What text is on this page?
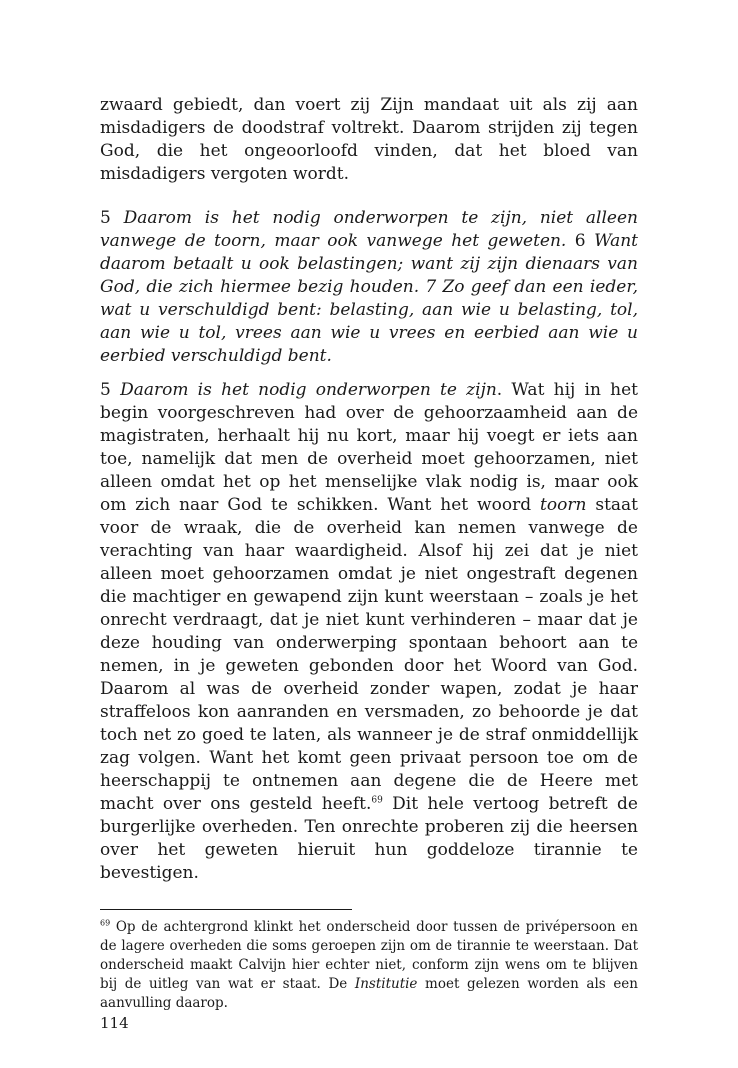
zwaard gebiedt, dan voert zij Zijn mandaat uit als zij aan misdadigers de doodstraf voltrekt. Daarom strijden zij tegen God, die het ongeoorloofd vinden, dat het bloed van misdadigers vergoten wordt.

5 Daarom is het nodig onderworpen te zijn, niet alleen vanwege de toorn, maar ook vanwege het geweten. 6 Want daarom betaalt u ook belastingen; want zij zijn dienaars van God, die zich hiermee bezig houden. 7 Zo geef dan een ieder, wat u verschuldigd bent: belasting, aan wie u belasting, tol, aan wie u tol, vrees aan wie u vrees en eerbied aan wie u eerbied verschuldigd bent.

5 Daarom is het nodig onderworpen te zijn. Wat hij in het begin voorgeschreven had over de gehoorzaamheid aan de magistraten, herhaalt hij nu kort, maar hij voegt er iets aan toe, namelijk dat men de overheid moet gehoorzamen, niet alleen omdat het op het menselijke vlak nodig is, maar ook om zich naar God te schikken. Want het woord toorn staat voor de wraak, die de overheid kan nemen vanwege de verachting van haar waardigheid. Alsof hij zei dat je niet alleen moet gehoorzamen omdat je niet ongestraft degenen die machtiger en gewapend zijn kunt weerstaan – zoals je het onrecht verdraagt, dat je niet kunt verhinderen – maar dat je deze houding van onderwerping spontaan behoort aan te nemen, in je geweten gebonden door het Woord van God. Daarom al was de overheid zonder wapen, zodat je haar straffeloos kon aanranden en versmaden, zo behoorde je dat toch net zo goed te laten, als wanneer je de straf onmiddellijk zag volgen. Want het komt geen privaat persoon toe om de heerschappij te ontnemen aan degene die de Heere met macht over ons gesteld heeft.$^{69}$ Dit hele vertoog betreft de burgerlijke overheden. Ten onrechte proberen zij die heersen over het geweten hieruit hun goddeloze tirannie te bevestigen.

$^{69}$ Op de achtergrond klinkt het onderscheid door tussen de privépersoon en de lagere overheden die soms geroepen zijn om de tirannie te weerstaan. Dat onderscheid maakt Calvijn hier echter niet, conform zijn wens om te blijven bij de uitleg van wat er staat. De Institutie moet gelezen worden als een aanvulling daarop.

114
